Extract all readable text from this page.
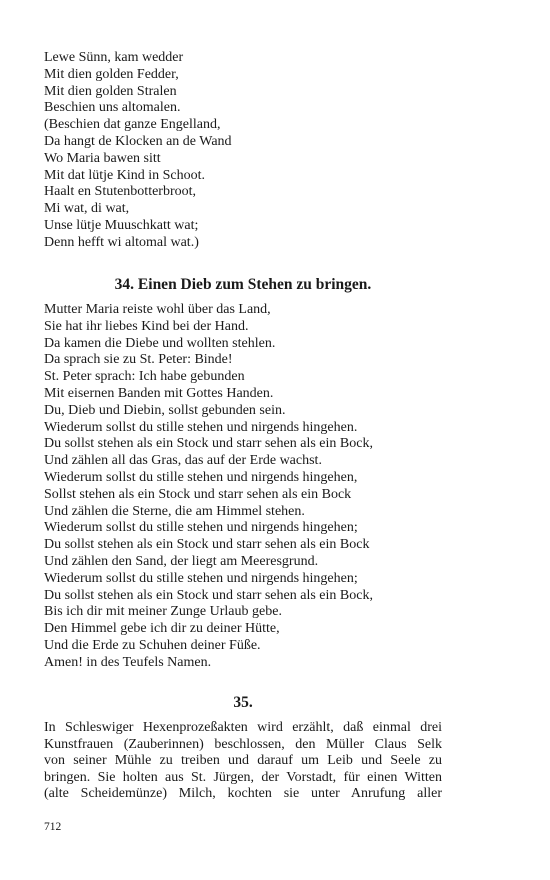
Lewe Sünn, kam wedder
Mit dien golden Fedder,
Mit dien golden Stralen
Beschien uns altomalen.
(Beschien dat ganze Engelland,
Da hangt de Klocken an de Wand
Wo Maria bawen sitt
Mit dat lütje Kind in Schoot.
Haalt en Stutenbotterbroot,
Mi wat, di wat,
Unse lütje Muuschkatt wat;
Denn hefft wi altomal wat.)
34. Einen Dieb zum Stehen zu bringen.
Mutter Maria reiste wohl über das Land,
Sie hat ihr liebes Kind bei der Hand.
Da kamen die Diebe und wollten stehlen.
Da sprach sie zu St. Peter: Binde!
St. Peter sprach: Ich habe gebunden
Mit eisernen Banden mit Gottes Handen.
Du, Dieb und Diebin, sollst gebunden sein.
Wiederum sollst du stille stehen und nirgends hingehen.
Du sollst stehen als ein Stock und starr sehen als ein Bock,
Und zählen all das Gras, das auf der Erde wachst.
Wiederum sollst du stille stehen und nirgends hingehen,
Sollst stehen als ein Stock und starr sehen als ein Bock
Und zählen die Sterne, die am Himmel stehen.
Wiederum sollst du stille stehen und nirgends hingehen;
Du sollst stehen als ein Stock und starr sehen als ein Bock
Und zählen den Sand, der liegt am Meeresgrund.
Wiederum sollst du stille stehen und nirgends hingehen;
Du sollst stehen als ein Stock und starr sehen als ein Bock,
Bis ich dir mit meiner Zunge Urlaub gebe.
Den Himmel gebe ich dir zu deiner Hütte,
Und die Erde zu Schuhen deiner Füße.
Amen! in des Teufels Namen.
35.
In Schleswiger Hexenprozeßakten wird erzählt, daß einmal drei
Kunstfrauen (Zauberinnen) beschlossen, den Müller Claus Selk
von seiner Mühle zu treiben und darauf um Leib und Seele zu
bringen. Sie holten aus St. Jürgen, der Vorstadt, für einen Witten
(alte Scheidemünze) Milch, kochten sie unter Anrufung aller
712
